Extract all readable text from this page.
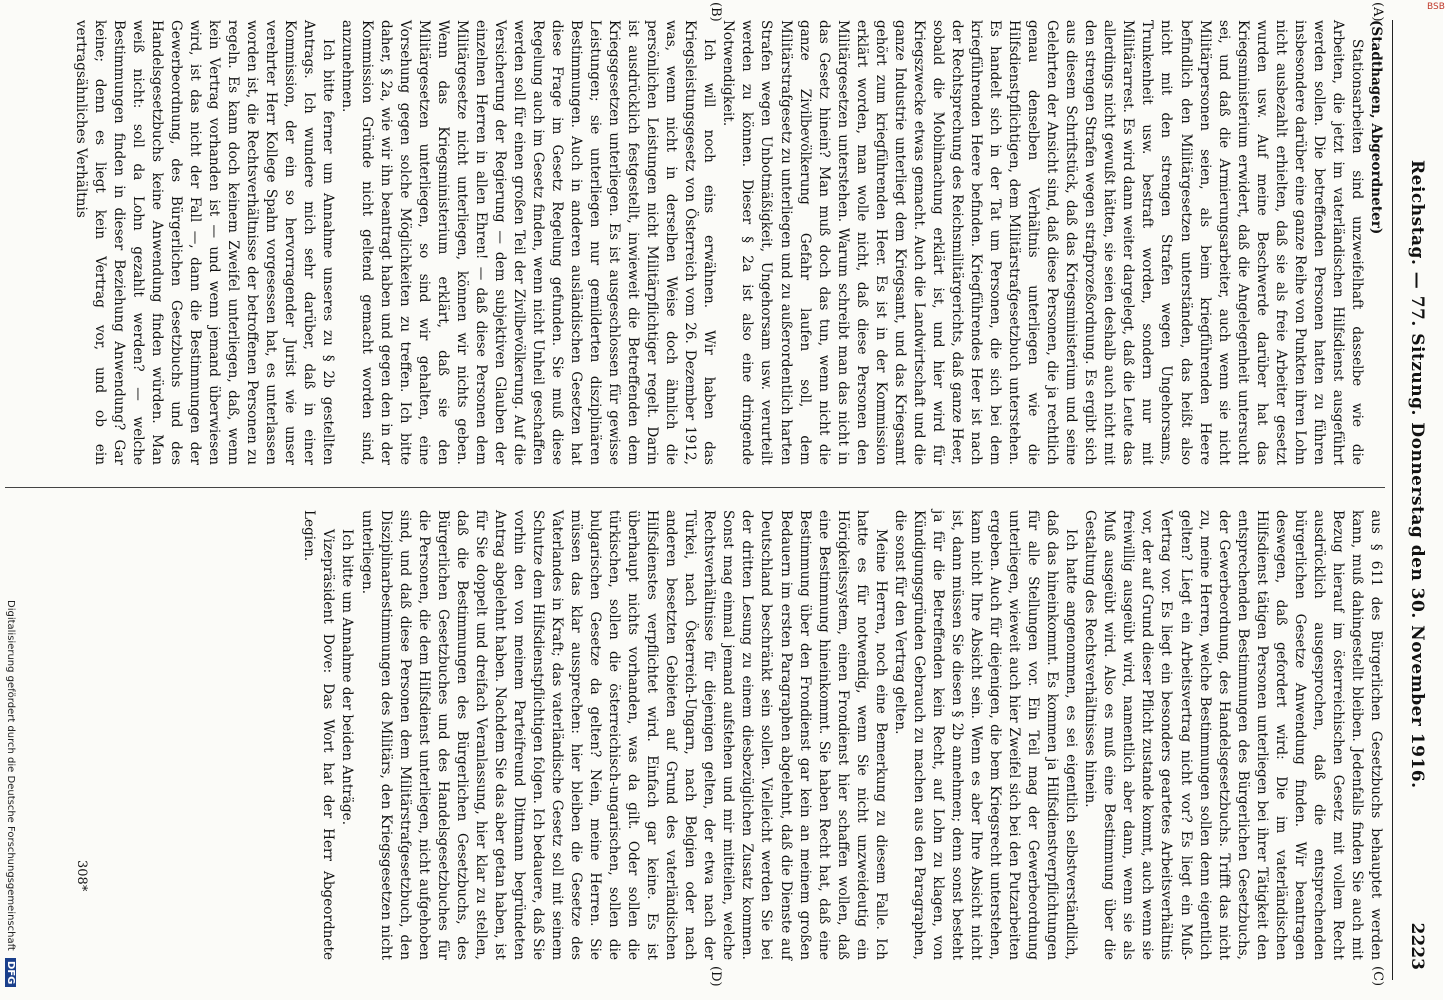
Reichstag. — 77. Sitzung. Donnerstag den 30. November 1916.
2223
(A)
(B)
(C)
(D)

(Stadthagen, Abgeordneter)

Stationsarbeiten sind unzweifelhaft dasselbe wie die Arbeiten, die jetzt im vaterländischen Hilfsdienst ausgeführt werden sollen. Die betreffenden Personen hatten zu führen insbesondere darüber eine ganze Reihe von Punkten ihren Lohn nicht ausbezahlt erhielten, daß sie als freie Arbeiter gesetzt wurden usw. Auf meine Beschwerde darüber hat das Kriegsministerium erwidert, daß die Angelegenheit untersucht sei, und daß die Armierungsarbeiter, auch wenn sie nicht Militärpersonen seien, als beim kriegführenden Heere befindlich den Militärgesetzen unterständen, das heißt also nicht mit den strengen Strafen wegen Ungehorsams, Trunkenheit usw. bestraft worden, sondern nur mit Militärarrest. Es wird dann weiter dargelegt, daß die Leute das allerdings nicht gewußt hätten, sie seien deshalb auch nicht mit den strengen Strafen wegen strafprozeßordnung. Es ergibt sich aus diesem Schriftstück, daß das Kriegsministerium und seine Gelehrten der Ansicht sind, daß diese Personen, die ja rechtlich genau denselben Verhältnis unterliegen wie die Hilfsdienstpflichtigen, dem Militärstrafgesetzbuch unterstehen. Es handelt sich in der Tat um Personen, die sich bei dem kriegführenden Heere befinden. Kriegführendes Heer ist nach der Rechtsprechung des Reichsmilitärgerichts, daß ganze Heer, sobald die Mobilmachung erklärt ist, und hier wird für Kriegszwecke etwas gemacht. Auch die Landwirtschaft und die ganze Industrie unterliegt dem Kriegsamt, und das Kriegsamt gehört zum kriegführenden Heer. Es ist in der Kommission erklärt worden, man wolle nicht, daß diese Personen den Militärgesetzen unterstehen. Warum schreibt man das nicht in das Gesetz hinein? Man muß doch das tun, wenn nicht die ganze Zivilbevölkerung Gefahr laufen soll, dem Militärstrafgesetz zu unterliegen und zu außerordentlich harten Strafen wegen Unbotmäßigkeit, Ungehorsam usw. verurteilt werden zu können. Dieser § 2a ist also eine dringende Notwendigkeit.

Ich will noch eins erwähnen. Wir haben das Kriegsleistungsgesetz von Österreich vom 26. Dezember 1912, was, wenn nicht in derselben Weise doch ähnlich die persönlichen Leistungen nicht Militärpflichtiger regelt. Darin ist ausdrücklich festgestellt, inwieweit die Betreffenden dem Kriegsgesetzen unterliegen. Es ist ausgeschlossen für gewisse Leistungen; sie unterliegen nur gemilderten disziplinären Bestimmungen. Auch in anderen ausländischen Gesetzen hat diese Frage im Gesetz Regelung gefunden. Sie muß diese Regelung auch im Gesetz finden, wenn nicht Unheil geschaffen werden soll für einen großen Teil der Zivilbevölkerung. Auf die Versicherung der Regierung — dem subjektiven Glauben der einzelnen Herren in allen Ehren! — daß diese Personen dem Militärgesetze nicht unterliegen, können wir nichts geben. Wenn das Kriegsministerium erklärt, daß sie den Militärgesetzen unterliegen, so sind wir gehalten, eine Vorsehung gegen solche Möglichkeiten zu treffen. Ich bitte daher, § 2a, wie wir ihn beantragt haben und gegen den in der Kommission Gründe nicht geltend gemacht worden sind, anzunehmen.

Ich bitte ferner um Annahme unseres zu § 2b gestellten Antrags. Ich wundere mich sehr darüber, daß in einer Kommission, der ein so hervorragender Jurist wie unser verehrter Herr Kollege Spahn vorgesessen hat, es unterlassen worden ist, die Rechtsverhältnisse der betroffenen Personen zu regeln. Es kann doch keinem Zweifel unterliegen, daß, wenn kein Vertrag vorhanden ist — und wenn jemand überwiesen wird, ist das nicht der Fall —, dann die Bestimmungen der Gewerbeordnung, des Bürgerlichen Gesetzbuchs und des Handelsgesetzbuchs keine Anwendung finden würden. Man weiß nicht: soll da Lohn gezahlt werden? — welche Bestimmungen finden in dieser Beziehung Anwendung? Gar keine; denn es liegt kein Vertrag vor, und ob ein vertragsähnliches Verhältnis

aus § 611 des Bürgerlichen Gesetzbuchs behauptet werden kann, muß dahingestellt bleiben. Jedenfalls finden Sie auch mit Bezug hierauf im österreichischen Gesetz mit vollem Recht ausdrücklich ausgesprochen, daß die entsprechenden bürgerlichen Gesetze Anwendung finden. Wir beantragen deswegen, daß gefordert wird: Die im vaterländischen Hilfsdienst tätigen Personen unterliegen bei ihrer Tätigkeit den entsprechenden Bestimmungen des Bürgerlichen Gesetzbuchs, der Gewerbeordnung, des Handelsgesetzbuchs. Trifft das nicht zu, meine Herren, welche Bestimmungen sollen denn eigentlich gelten? Liegt ein Arbeitsvertrag nicht vor? Es liegt ein Muß-Vertrag vor. Es liegt ein besonders geartetes Arbeitsverhältnis vor, der auf Grund dieser Pflicht zustande kommt, auch wenn sie freiwillig ausgeübt wird, namentlich aber dann, wenn sie als Muß ausgeübt wird. Also es muß eine Bestimmung über die Gestaltung des Rechtsverhältnisses hinein.

Ich hatte angenommen, es sei eigentlich selbstverständlich, daß das hineinkommt. Es kommen ja Hilfsdienstverpflichtungen für alle Stellungen vor. Ein Teil mag der Gewerbeordnung unterliegen, wieweit auch hier Zweifel sich bei den Putzarbeiten ergeben. Auch für diejenigen, die bem Kriegsrecht unterstehen, kann nicht Ihre Absicht sein. Wenn es aber Ihre Absicht nicht ist, dann müssen Sie diesen § 2b annehmen; denn sonst besteht ja für die Betreffenden kein Recht, auf Lohn zu klagen, von Kündigungsgründen Gebrauch zu machen aus den Paragraphen, die sonst für den Vertrag gelten.

Meine Herren, noch eine Bemerkung zu diesem Falle. Ich hatte es für notwendig, wenn Sie nicht unzweideutig ein Hörigkeitssystem, einen Frondienst hier schaffen wollen, daß eine Bestimmung hineinkommt. Sie haben Recht hat, daß eine Bestimmung über den Frondienst gar kein an meinem großen Bedauern im ersten Paragraphen abgelehnt, daß die Dienste auf Deutschland beschränkt sein sollen. Vielleicht werden Sie bei der dritten Lesung zu einem diesbezüglichen Zusatz kommen. Sonst mag einmal jemand aufstehen und mir mitteilen, welche Rechtsverhältnisse für diejenigen gelten, der etwa nach der Türkei, nach Österreich-Ungarn, nach Belgien oder nach anderen besetzten Gebieten auf Grund des vaterländischen Hilfsdienstes verpflichtet wird. Einfach gar keine. Es ist überhaupt nichts vorhanden, was da gilt. Oder sollen die türkischen, sollen die österreichisch-ungarischen, sollen die bulgarischen Gesetze da gelten? Nein, meine Herren. Sie müssen das klar aussprechen: hier bleiben die Gesetze des Vaterlandes in Kraft; das vaterländische Gesetz soll mit seinem Schutze dem Hilfsdienstpflichtigen folgen. Ich bedauere, daß Sie vorhin den von meinem Parteifreund Dittmann begründeten Antrag abgelehnt haben. Nachdem Sie das aber getan haben, ist für Sie doppelt und dreifach Veranlassung, hier klar zu stellen, daß die Bestimmungen des Bürgerlichen Gesetzbuchs, des Bürgerlichen Gesetzbuches und des Handelsgesetzbuches für die Personen, die dem Hilfsdienst unterliegen, nicht aufgehoben sind, und daß diese Personen dem Militärstrafgesetzbuch, den Disziplinarbestimmungen des Militärs, den Kriegsgesetzen nicht unterliegen.

Ich bitte um Annahme der beiden Anträge.

Vizepräsident Dove: Das Wort hat der Herr Abgeordnete Legien.

308*
BSB
Digitalisierung gefördert durch die Deutsche Forschungsgemeinschaft DFG
